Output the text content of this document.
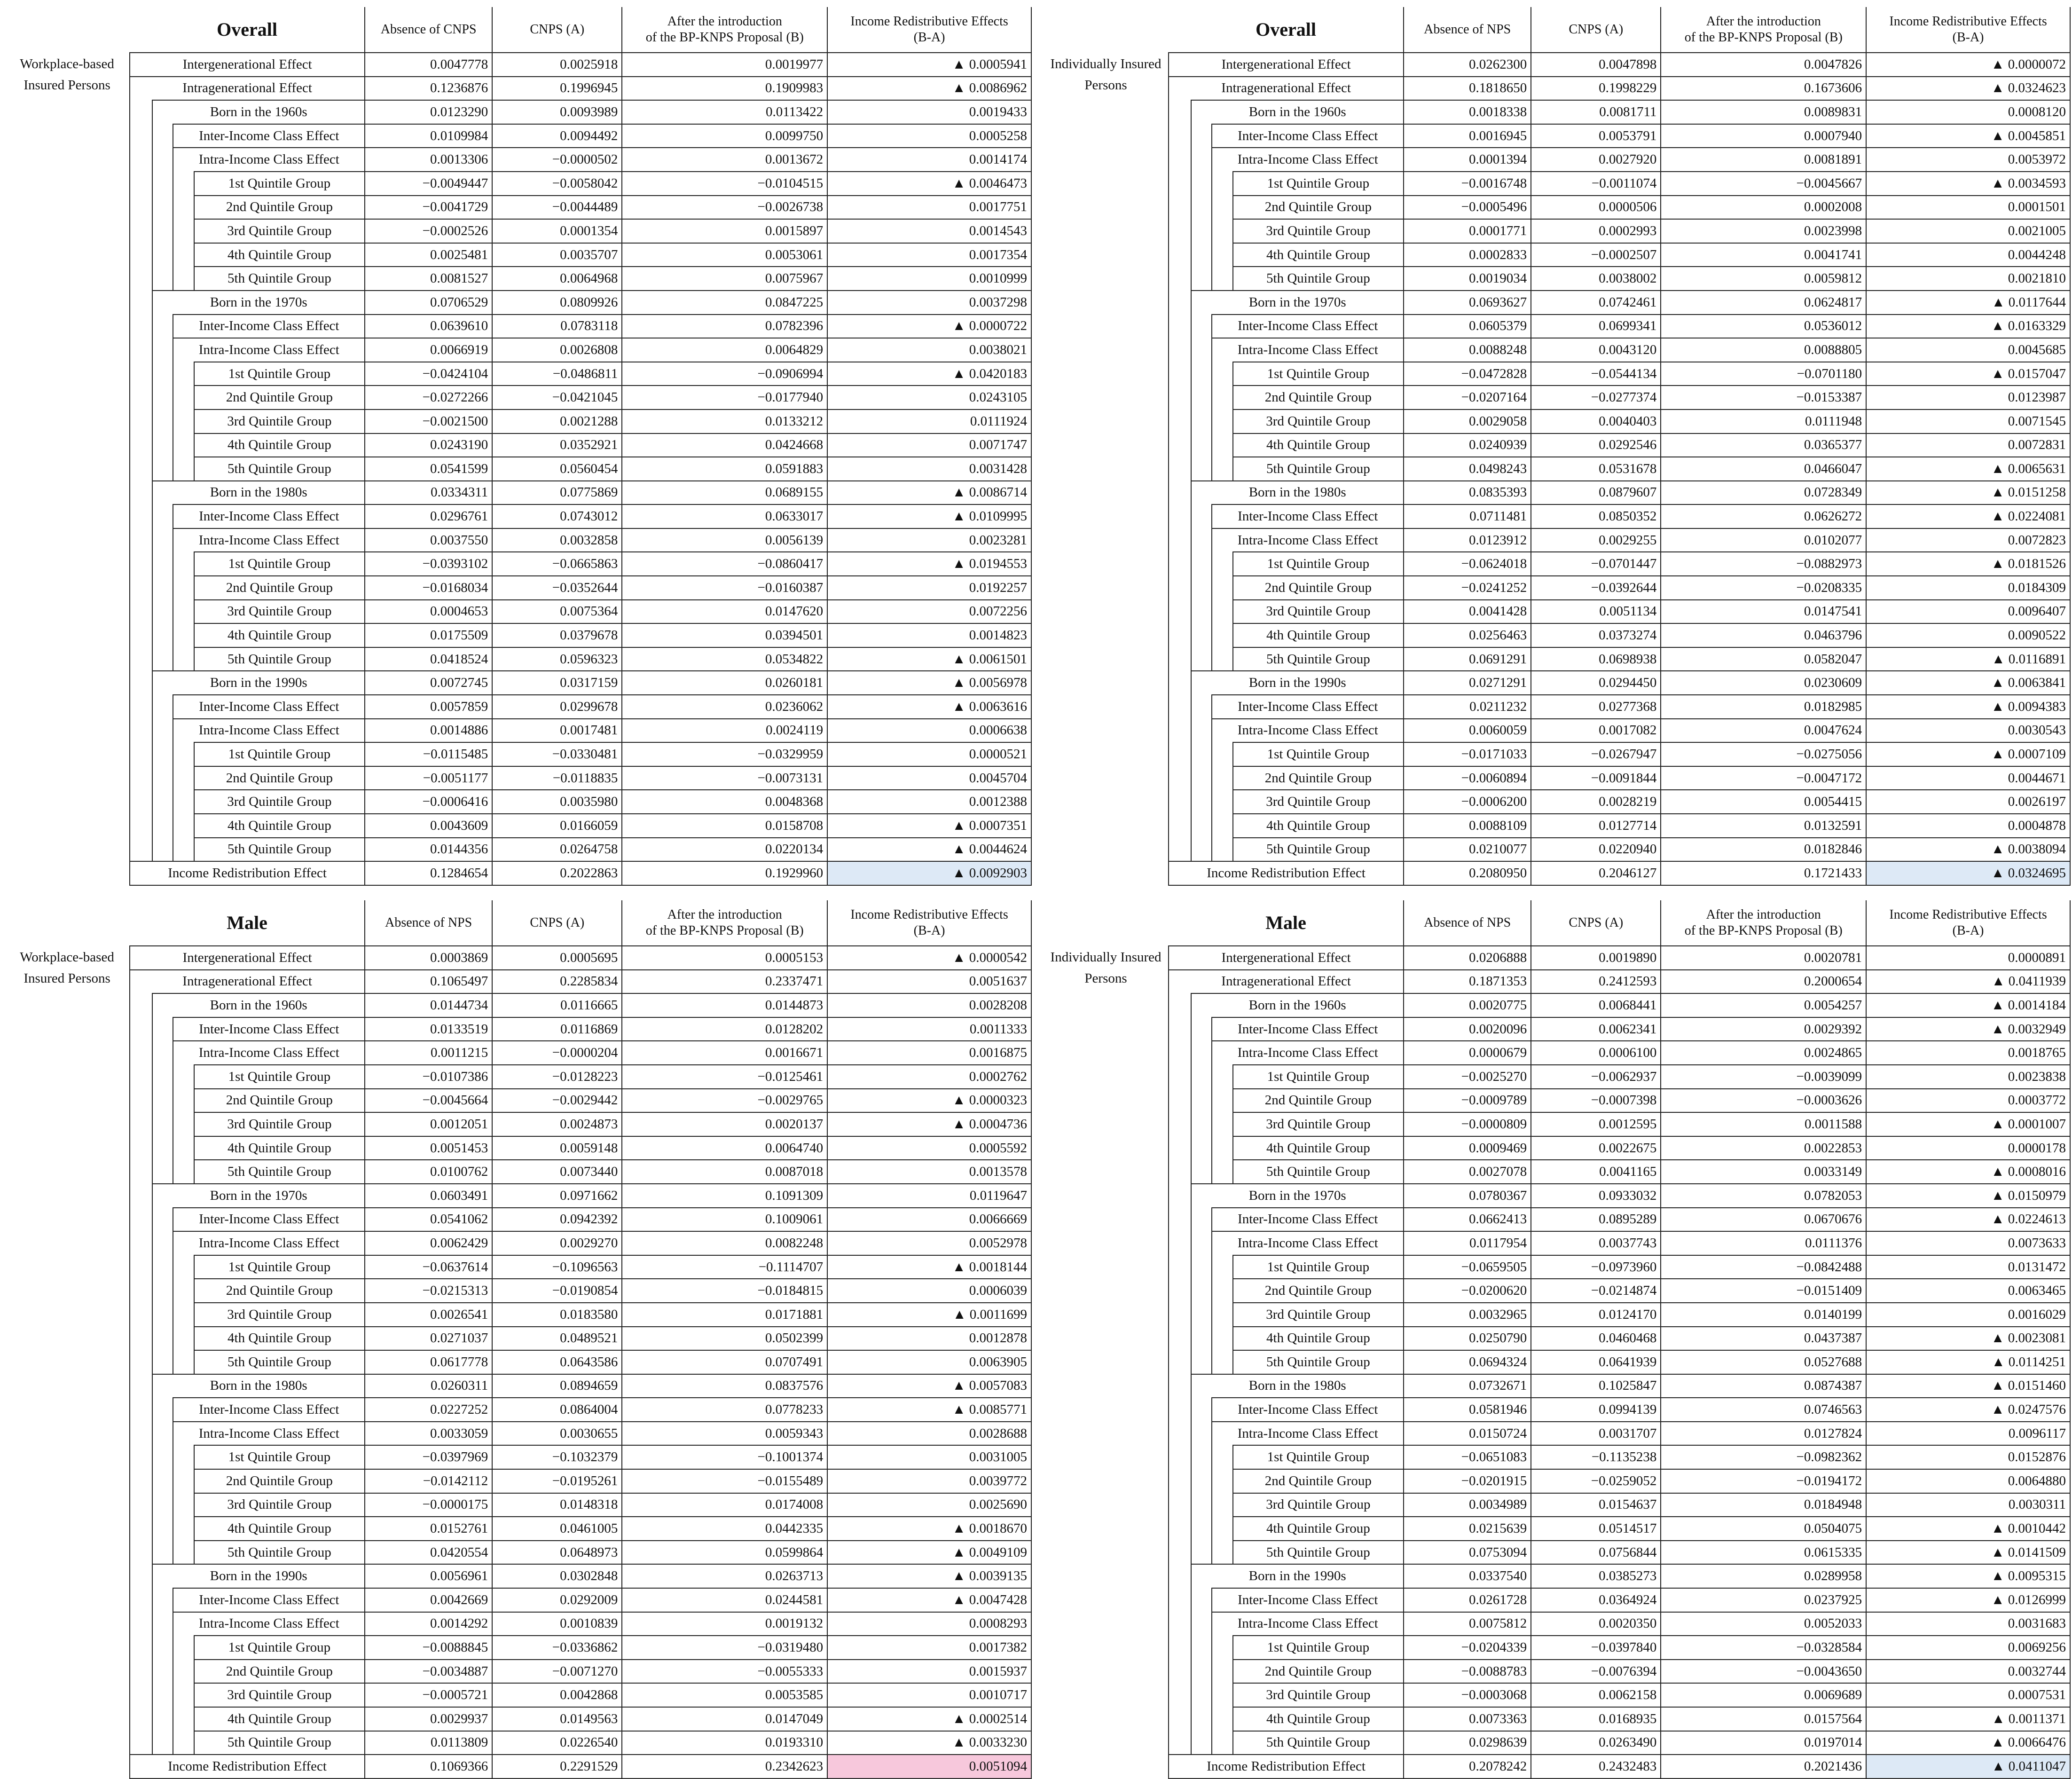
	Overall				Absence of CNPS	CNPS (A)	After the introduction
of the BP-KNPS Proposal (B)	Income Redistributive Effects
(B-A)

Workplace-based Insured Persons	Intergenerational Effect				0.0047778	0.0025918	0.0019977	▲ 0.0005941
	Intragenerational Effect				0.1236876	0.1996945	0.1909983	▲ 0.0086962
		Born in the 1960s			0.0123290	0.0093989	0.0113422	0.0019433
			Inter-Income Class Effect		0.0109984	0.0094492	0.0099750	0.0005258
			Intra-Income Class Effect		0.0013306	−0.0000502	0.0013672	0.0014174
				1st Quintile Group	−0.0049447	−0.0058042	−0.0104515	▲ 0.0046473
				2nd Quintile Group	−0.0041729	−0.0044489	−0.0026738	0.0017751
				3rd Quintile Group	−0.0002526	0.0001354	0.0015897	0.0014543
				4th Quintile Group	0.0025481	0.0035707	0.0053061	0.0017354
				5th Quintile Group	0.0081527	0.0064968	0.0075967	0.0010999
		Born in the 1970s			0.0706529	0.0809926	0.0847225	0.0037298
			Inter-Income Class Effect		0.0639610	0.0783118	0.0782396	▲ 0.0000722
			Intra-Income Class Effect		0.0066919	0.0026808	0.0064829	0.0038021
				1st Quintile Group	−0.0424104	−0.0486811	−0.0906994	▲ 0.0420183
				2nd Quintile Group	−0.0272266	−0.0421045	−0.0177940	0.0243105
				3rd Quintile Group	−0.0021500	0.0021288	0.0133212	0.0111924
				4th Quintile Group	0.0243190	0.0352921	0.0424668	0.0071747
				5th Quintile Group	0.0541599	0.0560454	0.0591883	0.0031428
		Born in the 1980s			0.0334311	0.0775869	0.0689155	▲ 0.0086714
			Inter-Income Class Effect		0.0296761	0.0743012	0.0633017	▲ 0.0109995
			Intra-Income Class Effect		0.0037550	0.0032858	0.0056139	0.0023281
				1st Quintile Group	−0.0393102	−0.0665863	−0.0860417	▲ 0.0194553
				2nd Quintile Group	−0.0168034	−0.0352644	−0.0160387	0.0192257
				3rd Quintile Group	0.0004653	0.0075364	0.0147620	0.0072256
				4th Quintile Group	0.0175509	0.0379678	0.0394501	0.0014823
				5th Quintile Group	0.0418524	0.0596323	0.0534822	▲ 0.0061501
		Born in the 1990s			0.0072745	0.0317159	0.0260181	▲ 0.0056978
			Inter-Income Class Effect		0.0057859	0.0299678	0.0236062	▲ 0.0063616
			Intra-Income Class Effect		0.0014886	0.0017481	0.0024119	0.0006638
				1st Quintile Group	−0.0115485	−0.0330481	−0.0329959	0.0000521
				2nd Quintile Group	−0.0051177	−0.0118835	−0.0073131	0.0045704
				3rd Quintile Group	−0.0006416	0.0035980	0.0048368	0.0012388
				4th Quintile Group	0.0043609	0.0166059	0.0158708	▲ 0.0007351
				5th Quintile Group	0.0144356	0.0264758	0.0220134	▲ 0.0044624
	Income Redistribution Effect				0.1284654	0.2022863	0.1929960	▲ 0.0092903
	Overall				Absence of NPS	CNPS (A)	After the introduction
of the BP-KNPS Proposal (B)	Income Redistributive Effects
(B-A)

Individually Insured Persons	Intergenerational Effect				0.0262300	0.0047898	0.0047826	▲ 0.0000072
	Intragenerational Effect				0.1818650	0.1998229	0.1673606	▲ 0.0324623
		Born in the 1960s			0.0018338	0.0081711	0.0089831	0.0008120
			Inter-Income Class Effect		0.0016945	0.0053791	0.0007940	▲ 0.0045851
			Intra-Income Class Effect		0.0001394	0.0027920	0.0081891	0.0053972
				1st Quintile Group	−0.0016748	−0.0011074	−0.0045667	▲ 0.0034593
				2nd Quintile Group	−0.0005496	0.0000506	0.0002008	0.0001501
				3rd Quintile Group	0.0001771	0.0002993	0.0023998	0.0021005
				4th Quintile Group	0.0002833	−0.0002507	0.0041741	0.0044248
				5th Quintile Group	0.0019034	0.0038002	0.0059812	0.0021810
		Born in the 1970s			0.0693627	0.0742461	0.0624817	▲ 0.0117644
			Inter-Income Class Effect		0.0605379	0.0699341	0.0536012	▲ 0.0163329
			Intra-Income Class Effect		0.0088248	0.0043120	0.0088805	0.0045685
				1st Quintile Group	−0.0472828	−0.0544134	−0.0701180	▲ 0.0157047
				2nd Quintile Group	−0.0207164	−0.0277374	−0.0153387	0.0123987
				3rd Quintile Group	0.0029058	0.0040403	0.0111948	0.0071545
				4th Quintile Group	0.0240939	0.0292546	0.0365377	0.0072831
				5th Quintile Group	0.0498243	0.0531678	0.0466047	▲ 0.0065631
		Born in the 1980s			0.0835393	0.0879607	0.0728349	▲ 0.0151258
			Inter-Income Class Effect		0.0711481	0.0850352	0.0626272	▲ 0.0224081
			Intra-Income Class Effect		0.0123912	0.0029255	0.0102077	0.0072823
				1st Quintile Group	−0.0624018	−0.0701447	−0.0882973	▲ 0.0181526
				2nd Quintile Group	−0.0241252	−0.0392644	−0.0208335	0.0184309
				3rd Quintile Group	0.0041428	0.0051134	0.0147541	0.0096407
				4th Quintile Group	0.0256463	0.0373274	0.0463796	0.0090522
				5th Quintile Group	0.0691291	0.0698938	0.0582047	▲ 0.0116891
		Born in the 1990s			0.0271291	0.0294450	0.0230609	▲ 0.0063841
			Inter-Income Class Effect		0.0211232	0.0277368	0.0182985	▲ 0.0094383
			Intra-Income Class Effect		0.0060059	0.0017082	0.0047624	0.0030543
				1st Quintile Group	−0.0171033	−0.0267947	−0.0275056	▲ 0.0007109
				2nd Quintile Group	−0.0060894	−0.0091844	−0.0047172	0.0044671
				3rd Quintile Group	−0.0006200	0.0028219	0.0054415	0.0026197
				4th Quintile Group	0.0088109	0.0127714	0.0132591	0.0004878
				5th Quintile Group	0.0210077	0.0220940	0.0182846	▲ 0.0038094
	Income Redistribution Effect				0.2080950	0.2046127	0.1721433	▲ 0.0324695
	Male				Absence of NPS	CNPS (A)	After the introduction
of the BP-KNPS Proposal (B)	Income Redistributive Effects
(B-A)

Workplace-based Insured Persons	Intergenerational Effect				0.0003869	0.0005695	0.0005153	▲ 0.0000542
	Intragenerational Effect				0.1065497	0.2285834	0.2337471	0.0051637
		Born in the 1960s			0.0144734	0.0116665	0.0144873	0.0028208
			Inter-Income Class Effect		0.0133519	0.0116869	0.0128202	0.0011333
			Intra-Income Class Effect		0.0011215	−0.0000204	0.0016671	0.0016875
				1st Quintile Group	−0.0107386	−0.0128223	−0.0125461	0.0002762
				2nd Quintile Group	−0.0045664	−0.0029442	−0.0029765	▲ 0.0000323
				3rd Quintile Group	0.0012051	0.0024873	0.0020137	▲ 0.0004736
				4th Quintile Group	0.0051453	0.0059148	0.0064740	0.0005592
				5th Quintile Group	0.0100762	0.0073440	0.0087018	0.0013578
		Born in the 1970s			0.0603491	0.0971662	0.1091309	0.0119647
			Inter-Income Class Effect		0.0541062	0.0942392	0.1009061	0.0066669
			Intra-Income Class Effect		0.0062429	0.0029270	0.0082248	0.0052978
				1st Quintile Group	−0.0637614	−0.1096563	−0.1114707	▲ 0.0018144
				2nd Quintile Group	−0.0215313	−0.0190854	−0.0184815	0.0006039
				3rd Quintile Group	0.0026541	0.0183580	0.0171881	▲ 0.0011699
				4th Quintile Group	0.0271037	0.0489521	0.0502399	0.0012878
				5th Quintile Group	0.0617778	0.0643586	0.0707491	0.0063905
		Born in the 1980s			0.0260311	0.0894659	0.0837576	▲ 0.0057083
			Inter-Income Class Effect		0.0227252	0.0864004	0.0778233	▲ 0.0085771
			Intra-Income Class Effect		0.0033059	0.0030655	0.0059343	0.0028688
				1st Quintile Group	−0.0397969	−0.1032379	−0.1001374	0.0031005
				2nd Quintile Group	−0.0142112	−0.0195261	−0.0155489	0.0039772
				3rd Quintile Group	−0.0000175	0.0148318	0.0174008	0.0025690
				4th Quintile Group	0.0152761	0.0461005	0.0442335	▲ 0.0018670
				5th Quintile Group	0.0420554	0.0648973	0.0599864	▲ 0.0049109
		Born in the 1990s			0.0056961	0.0302848	0.0263713	▲ 0.0039135
			Inter-Income Class Effect		0.0042669	0.0292009	0.0244581	▲ 0.0047428
			Intra-Income Class Effect		0.0014292	0.0010839	0.0019132	0.0008293
				1st Quintile Group	−0.0088845	−0.0336862	−0.0319480	0.0017382
				2nd Quintile Group	−0.0034887	−0.0071270	−0.0055333	0.0015937
				3rd Quintile Group	−0.0005721	0.0042868	0.0053585	0.0010717
				4th Quintile Group	0.0029937	0.0149563	0.0147049	▲ 0.0002514
				5th Quintile Group	0.0113809	0.0226540	0.0193310	▲ 0.0033230
	Income Redistribution Effect				0.1069366	0.2291529	0.2342623	0.0051094
	Male				Absence of NPS	CNPS (A)	After the introduction
of the BP-KNPS Proposal (B)	Income Redistributive Effects
(B-A)

Individually Insured Persons	Intergenerational Effect				0.0206888	0.0019890	0.0020781	0.0000891
	Intragenerational Effect				0.1871353	0.2412593	0.2000654	▲ 0.0411939
		Born in the 1960s			0.0020775	0.0068441	0.0054257	▲ 0.0014184
			Inter-Income Class Effect		0.0020096	0.0062341	0.0029392	▲ 0.0032949
			Intra-Income Class Effect		0.0000679	0.0006100	0.0024865	0.0018765
				1st Quintile Group	−0.0025270	−0.0062937	−0.0039099	0.0023838
				2nd Quintile Group	−0.0009789	−0.0007398	−0.0003626	0.0003772
				3rd Quintile Group	−0.0000809	0.0012595	0.0011588	▲ 0.0001007
				4th Quintile Group	0.0009469	0.0022675	0.0022853	0.0000178
				5th Quintile Group	0.0027078	0.0041165	0.0033149	▲ 0.0008016
		Born in the 1970s			0.0780367	0.0933032	0.0782053	▲ 0.0150979
			Inter-Income Class Effect		0.0662413	0.0895289	0.0670676	▲ 0.0224613
			Intra-Income Class Effect		0.0117954	0.0037743	0.0111376	0.0073633
				1st Quintile Group	−0.0659505	−0.0973960	−0.0842488	0.0131472
				2nd Quintile Group	−0.0200620	−0.0214874	−0.0151409	0.0063465
				3rd Quintile Group	0.0032965	0.0124170	0.0140199	0.0016029
				4th Quintile Group	0.0250790	0.0460468	0.0437387	▲ 0.0023081
				5th Quintile Group	0.0694324	0.0641939	0.0527688	▲ 0.0114251
		Born in the 1980s			0.0732671	0.1025847	0.0874387	▲ 0.0151460
			Inter-Income Class Effect		0.0581946	0.0994139	0.0746563	▲ 0.0247576
			Intra-Income Class Effect		0.0150724	0.0031707	0.0127824	0.0096117
				1st Quintile Group	−0.0651083	−0.1135238	−0.0982362	0.0152876
				2nd Quintile Group	−0.0201915	−0.0259052	−0.0194172	0.0064880
				3rd Quintile Group	0.0034989	0.0154637	0.0184948	0.0030311
				4th Quintile Group	0.0215639	0.0514517	0.0504075	▲ 0.0010442
				5th Quintile Group	0.0753094	0.0756844	0.0615335	▲ 0.0141509
		Born in the 1990s			0.0337540	0.0385273	0.0289958	▲ 0.0095315
			Inter-Income Class Effect		0.0261728	0.0364924	0.0237925	▲ 0.0126999
			Intra-Income Class Effect		0.0075812	0.0020350	0.0052033	0.0031683
				1st Quintile Group	−0.0204339	−0.0397840	−0.0328584	0.0069256
				2nd Quintile Group	−0.0088783	−0.0076394	−0.0043650	0.0032744
				3rd Quintile Group	−0.0003068	0.0062158	0.0069689	0.0007531
				4th Quintile Group	0.0073363	0.0168935	0.0157564	▲ 0.0011371
				5th Quintile Group	0.0298639	0.0263490	0.0197014	▲ 0.0066476
	Income Redistribution Effect				0.2078242	0.2432483	0.2021436	▲ 0.0411047
